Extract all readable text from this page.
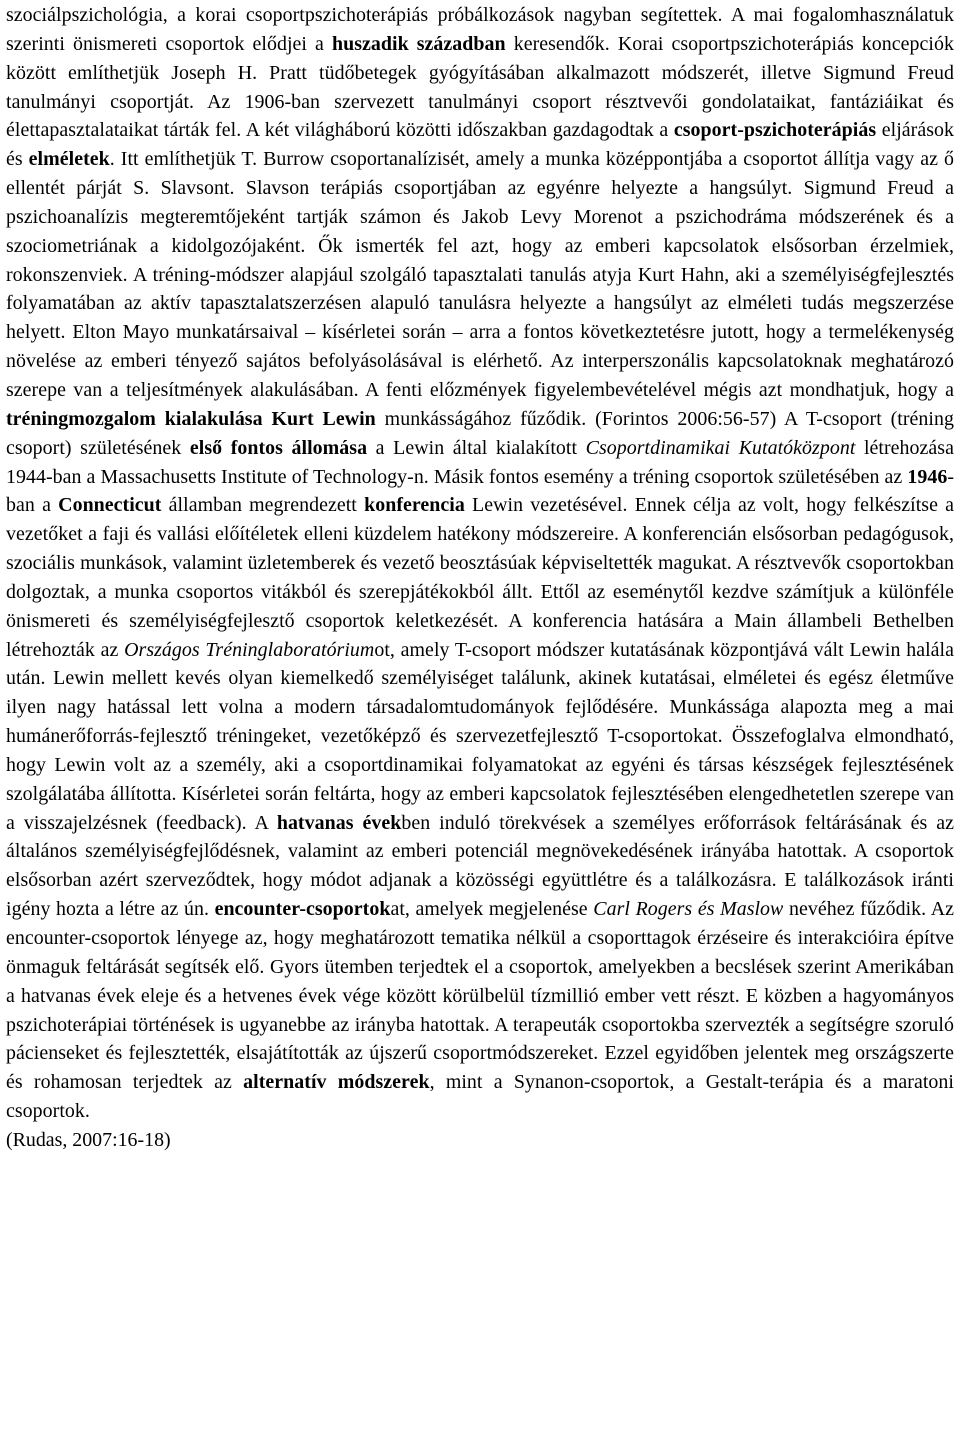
szociálpszichológia, a korai csoportpszichoterápiás próbálkozások nagyban segítettek. A mai fogalomhasználatuk szerinti önismereti csoportok elődjei a huszadik században keresendők. Korai csoportpszichoterápiás koncepciók között említhetjük Joseph H. Pratt tüdőbetegek gyógyításában alkalmazott módszerét, illetve Sigmund Freud tanulmányi csoportját. Az 1906-ban szervezett tanulmányi csoport résztvevői gondolataikat, fantáziáikat és élettapasztalataikat tárták fel. A két világháború közötti időszakban gazdagodtak a csoport-pszichoterápiás eljárások és elméletek. Itt említhetjük T. Burrow csoportanalízisét, amely a munka középpontjába a csoportot állítja vagy az ő ellentét párját S. Slavsont. Slavson terápiás csoportjában az egyénre helyezte a hangsúlyt. Sigmund Freud a pszichoanalízis megteremtőjeként tartják számon és Jakob Levy Morenot a pszichodráma módszerének és a szociometriának a kidolgozójaként. Ők ismerték fel azt, hogy az emberi kapcsolatok elsősorban érzelmiek, rokonszenviek. A tréning-módszer alapjául szolgáló tapasztalati tanulás atyja Kurt Hahn, aki a személyiségfejlesztés folyamatában az aktív tapasztalatszerzésen alapuló tanulásra helyezte a hangsúlyt az elméleti tudás megszerzése helyett. Elton Mayo munkatársaival – kísérletei során – arra a fontos következtetésre jutott, hogy a termelékenység növelése az emberi tényező sajátos befolyásolásával is elérhető. Az interperszonális kapcsolatoknak meghatározó szerepe van a teljesítmények alakulásában. A fenti előzmények figyelembevételével mégis azt mondhatjuk, hogy a tréningmozgalom kialakulása Kurt Lewin munkásságához fűződik. (Forintos 2006:56-57) A T-csoport (tréning csoport) születésének első fontos állomása a Lewin által kialakított Csoportdinamikai Kutatóközpont létrehozása 1944-ban a Massachusetts Institute of Technology-n. Másik fontos esemény a tréning csoportok születésében az 1946-ban a Connecticut államban megrendezett konferencia Lewin vezetésével. Ennek célja az volt, hogy felkészítse a vezetőket a faji és vallási előítéletek elleni küzdelem hatékony módszereire. A konferencián elsősorban pedagógusok, szociális munkások, valamint üzletemberek és vezető beosztásúak képviseltették magukat. A résztvevők csoportokban dolgoztak, a munka csoportos vitákból és szerepjátékokból állt. Ettől az eseménytől kezdve számítjuk a különféle önismereti és személyiségfejlesztő csoportok keletkezését. A konferencia hatására a Main állambeli Bethelben létrehozták az Országos Tréninglaboratóriumot, amely T-csoport módszer kutatásának központjává vált Lewin halála után. Lewin mellett kevés olyan kiemelkedő személyiséget találunk, akinek kutatásai, elméletei és egész életműve ilyen nagy hatással lett volna a modern társadalomtudományok fejlődésére. Munkássága alapozta meg a mai humánerőforrás-fejlesztő tréningeket, vezetőképző és szervezetfejlesztő T-csoportokat. Összefoglalva elmondható, hogy Lewin volt az a személy, aki a csoportdinamikai folyamatokat az egyéni és társas készségek fejlesztésének szolgálatába állította. Kísérletei során feltárta, hogy az emberi kapcsolatok fejlesztésében elengedhetetlen szerepe van a visszajelzésnek (feedback). A hatvanas években induló törekvések a személyes erőforrások feltárásának és az általános személyiségfejlődésnek, valamint az emberi potenciál megnövekedésének irányába hatottak. A csoportok elsősorban azért szerveződtek, hogy módot adjanak a közösségi együttlétre és a találkozásra. E találkozások iránti igény hozta a létre az ún. encounter-csoportokat, amelyek megjelenése Carl Rogers és Maslow nevéhez fűződik. Az encounter-csoportok lényege az, hogy meghatározott tematika nélkül a csoporttagok érzéseire és interakcióira építve önmaguk feltárását segítsék elő. Gyors ütemben terjedtek el a csoportok, amelyekben a becslések szerint Amerikában a hatvanas évek eleje és a hetvenes évek vége között körülbelül tízmillió ember vett részt. E közben a hagyományos pszichoterápiai történések is ugyanebbe az irányba hatottak. A terapeuták csoportokba szervezték a segítségre szoruló pácienseket és fejlesztették, elsajátították az újszerű csoportmódszereket. Ezzel egyidőben jelentek meg országszerte és rohamosan terjedtek az alternatív módszerek, mint a Synanon-csoportok, a Gestalt-terápia és a maratoni csoportok.

(Rudas, 2007:16-18)
